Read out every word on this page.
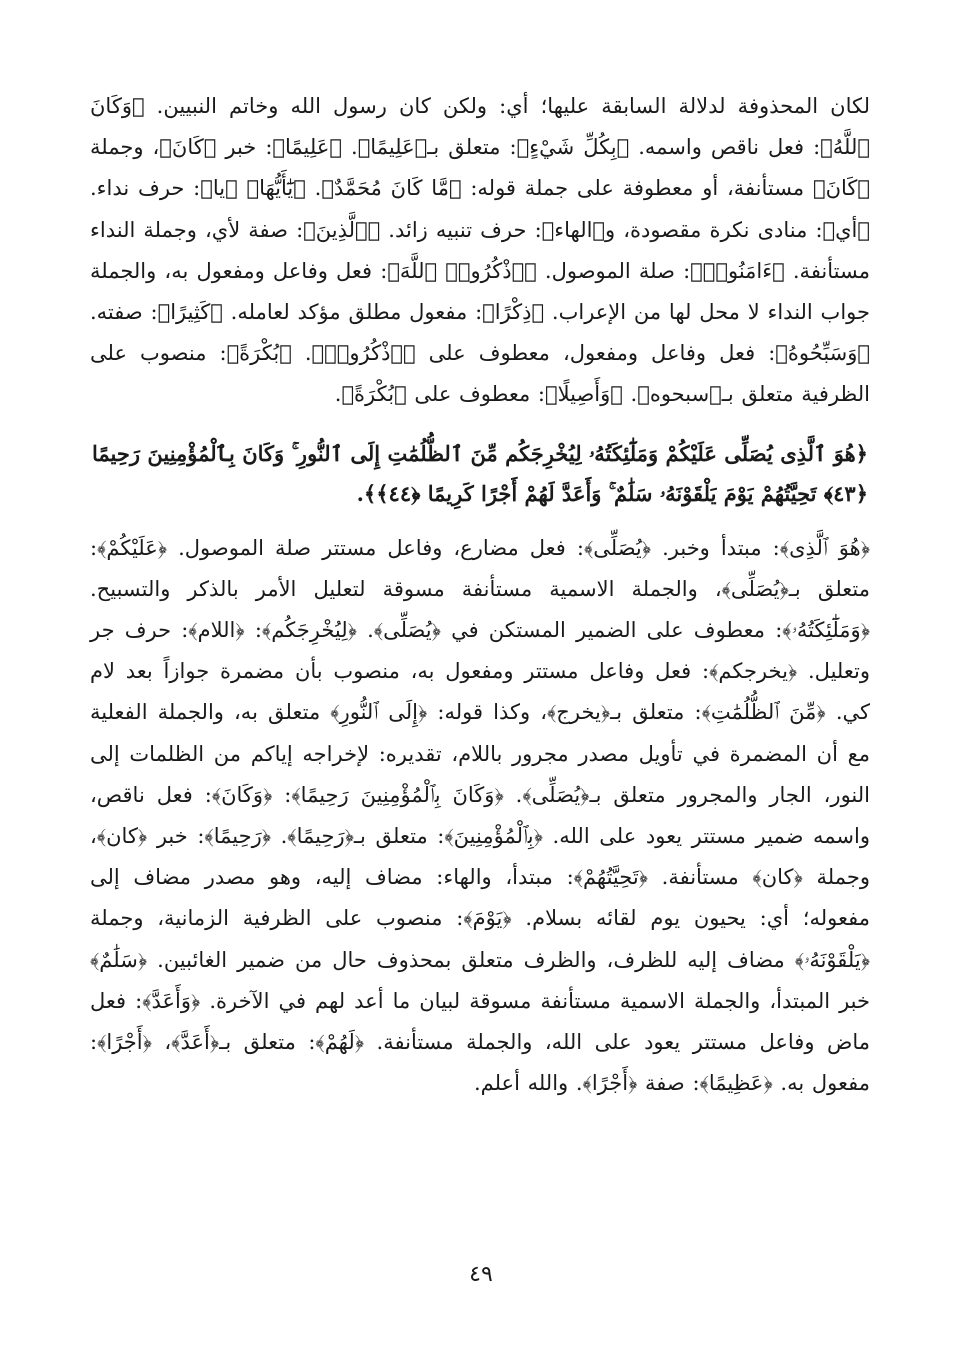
لكان المحذوفة لدلالة السابقة عليها؛ أي: ولكن كان رسول الله وخاتم النبيين. ﴿وَكَانَ ٱللَّهُ﴾: فعل ناقص واسمه. ﴿بِكُلِّ شَيْءٍ﴾: متعلق بـ﴿عَلِيمًا﴾. ﴿عَلِيمًا﴾: خبر ﴿كَانَ﴾، وجملة ﴿كَانَ﴾ مستأنفة، أو معطوفة على جملة قوله: ﴿مَّا كَانَ مُحَمَّدٌ﴾. ﴿يَٰٓأَيُّهَا﴾ ﴿يا﴾: حرف نداء. ﴿أي﴾: منادى نكرة مقصودة، و﴿الهاء﴾: حرف تنبيه زائد. ﴿ٱلَّذِينَ﴾: صفة لأي، وجملة النداء مستأنفة. ﴿ءَامَنُوا۟﴾: صلة الموصول. ﴿ٱذْكُرُوا۟ ٱللَّهَ﴾: فعل وفاعل ومفعول به، والجملة جواب النداء لا محل لها من الإعراب. ﴿ذِكْرًا﴾: مفعول مطلق مؤكد لعامله. ﴿كَثِيرًا﴾: صفته. ﴿وَسَبِّحُوهُ﴾: فعل وفاعل ومفعول، معطوف على ﴿ٱذْكُرُوا۟﴾. ﴿بُكْرَةً﴾: منصوب على الظرفية متعلق بـ﴿سبحوه﴾. ﴿وَأَصِيلًا﴾: معطوف على ﴿بُكْرَةً﴾.

﴿هُوَ ٱلَّذِى يُصَلِّى عَلَيْكُمْ وَمَلَٰٓئِكَتُهُۥ لِيُخْرِجَكُم مِّنَ ٱلظُّلُمَٰتِ إِلَى ٱلنُّورِ ۚ وَكَانَ بِٱلْمُؤْمِنِينَ رَحِيمًا ﴿٤٣﴾ تَحِيَّتُهُمْ يَوْمَ يَلْقَوْنَهُۥ سَلَٰمٌ ۚ وَأَعَدَّ لَهُمْ أَجْرًا كَرِيمًا ﴿٤٤﴾﴾.

﴿هُوَ ٱلَّذِى﴾: مبتدأ وخبر. ﴿يُصَلِّى﴾: فعل مضارع، وفاعل مستتر صلة الموصول. ﴿عَلَيْكُمْ﴾: متعلق بـ﴿يُصَلِّى﴾، والجملة الاسمية مستأنفة مسوقة لتعليل الأمر بالذكر والتسبيح. ﴿وَمَلَٰٓئِكَتُهُۥ﴾: معطوف على الضمير المستكن في ﴿يُصَلِّى﴾. ﴿لِيُخْرِجَكُم﴾: ﴿اللام﴾: حرف جر وتعليل. ﴿يخرجكم﴾: فعل وفاعل مستتر ومفعول به، منصوب بأن مضمرة جوازاً بعد لام كي. ﴿مِّنَ ٱلظُّلُمَٰتِ﴾: متعلق بـ﴿يخرج﴾، وكذا قوله: ﴿إِلَى ٱلنُّورِ﴾ متعلق به، والجملة الفعلية مع أن المضمرة في تأويل مصدر مجرور باللام، تقديره: لإخراجه إياكم من الظلمات إلى النور، الجار والمجرور متعلق بـ﴿يُصَلِّى﴾. ﴿وَكَانَ بِٱلْمُؤْمِنِينَ رَحِيمًا﴾: ﴿وَكَانَ﴾: فعل ناقص، واسمه ضمير مستتر يعود على الله. ﴿بِٱلْمُؤْمِنِينَ﴾: متعلق بـ﴿رَحِيمًا﴾. ﴿رَحِيمًا﴾: خبر ﴿كان﴾، وجملة ﴿كان﴾ مستأنفة. ﴿تَحِيَّتُهُمْ﴾: مبتدأ، والهاء: مضاف إليه، وهو مصدر مضاف إلى مفعوله؛ أي: يحيون يوم لقائه بسلام. ﴿يَوْمَ﴾: منصوب على الظرفية الزمانية، وجملة ﴿يَلْقَوْنَهُۥ﴾ مضاف إليه للظرف، والظرف متعلق بمحذوف حال من ضمير الغائبين. ﴿سَلَٰمٌ﴾ خبر المبتدأ، والجملة الاسمية مستأنفة مسوقة لبيان ما أعد لهم في الآخرة. ﴿وَأَعَدَّ﴾: فعل ماض وفاعل مستتر يعود على الله، والجملة مستأنفة. ﴿لَهُمْ﴾: متعلق بـ﴿أَعَدَّ﴾، ﴿أَجْرًا﴾: مفعول به. ﴿عَظِيمًا﴾: صفة ﴿أَجْرًا﴾. والله أعلم.

٤٩
